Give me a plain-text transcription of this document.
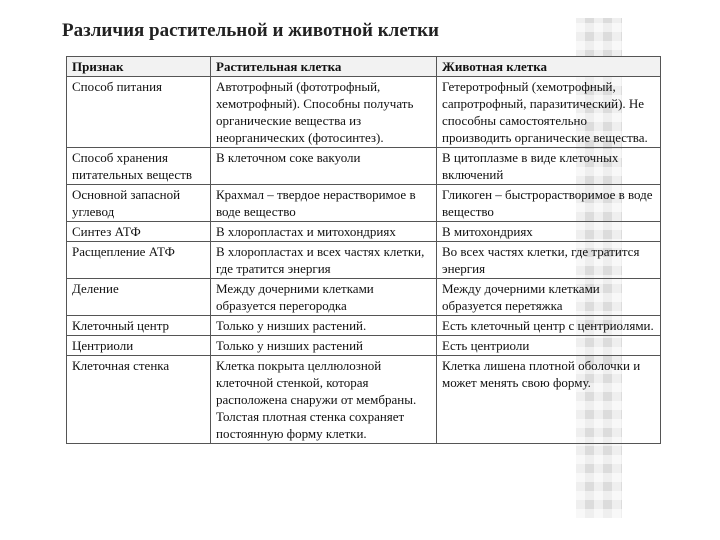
Различия растительной и животной клетки
Признак	Растительная клетка	Животная клетка
Способ питания	Автотрофный (фототрофный, хемотрофный). Способны получать органические вещества из неорганических (фотосинтез).	Гетеротрофный (хемотрофный, сапротрофный, паразитический). Не способны самостоятельно производить органические вещества.
Способ хранения питательных веществ	В клеточном соке вакуоли	В цитоплазме в виде клеточных включений
Основной запасной углевод	Крахмал – твердое нерастворимое в воде вещество	Гликоген – быстрорастворимое в воде вещество
Синтез АТФ	В хлоропластах и митохондриях	В митохондриях
Расщепление АТФ	В хлоропластах и всех частях клетки, где тратится энергия	Во всех частях клетки, где тратится энергия
Деление	Между дочерними клетками образуется перегородка	Между дочерними клетками образуется перетяжка
Клеточный центр	Только у низших растений.	Есть клеточный центр с центриолями.
Центриоли	Только у низших растений	Есть центриоли
Клеточная стенка	Клетка покрыта целлюлозной клеточной стенкой, которая расположена снаружи от мембраны. Толстая плотная стенка сохраняет постоянную форму клетки.	Клетка лишена плотной оболочки и может менять свою форму.
